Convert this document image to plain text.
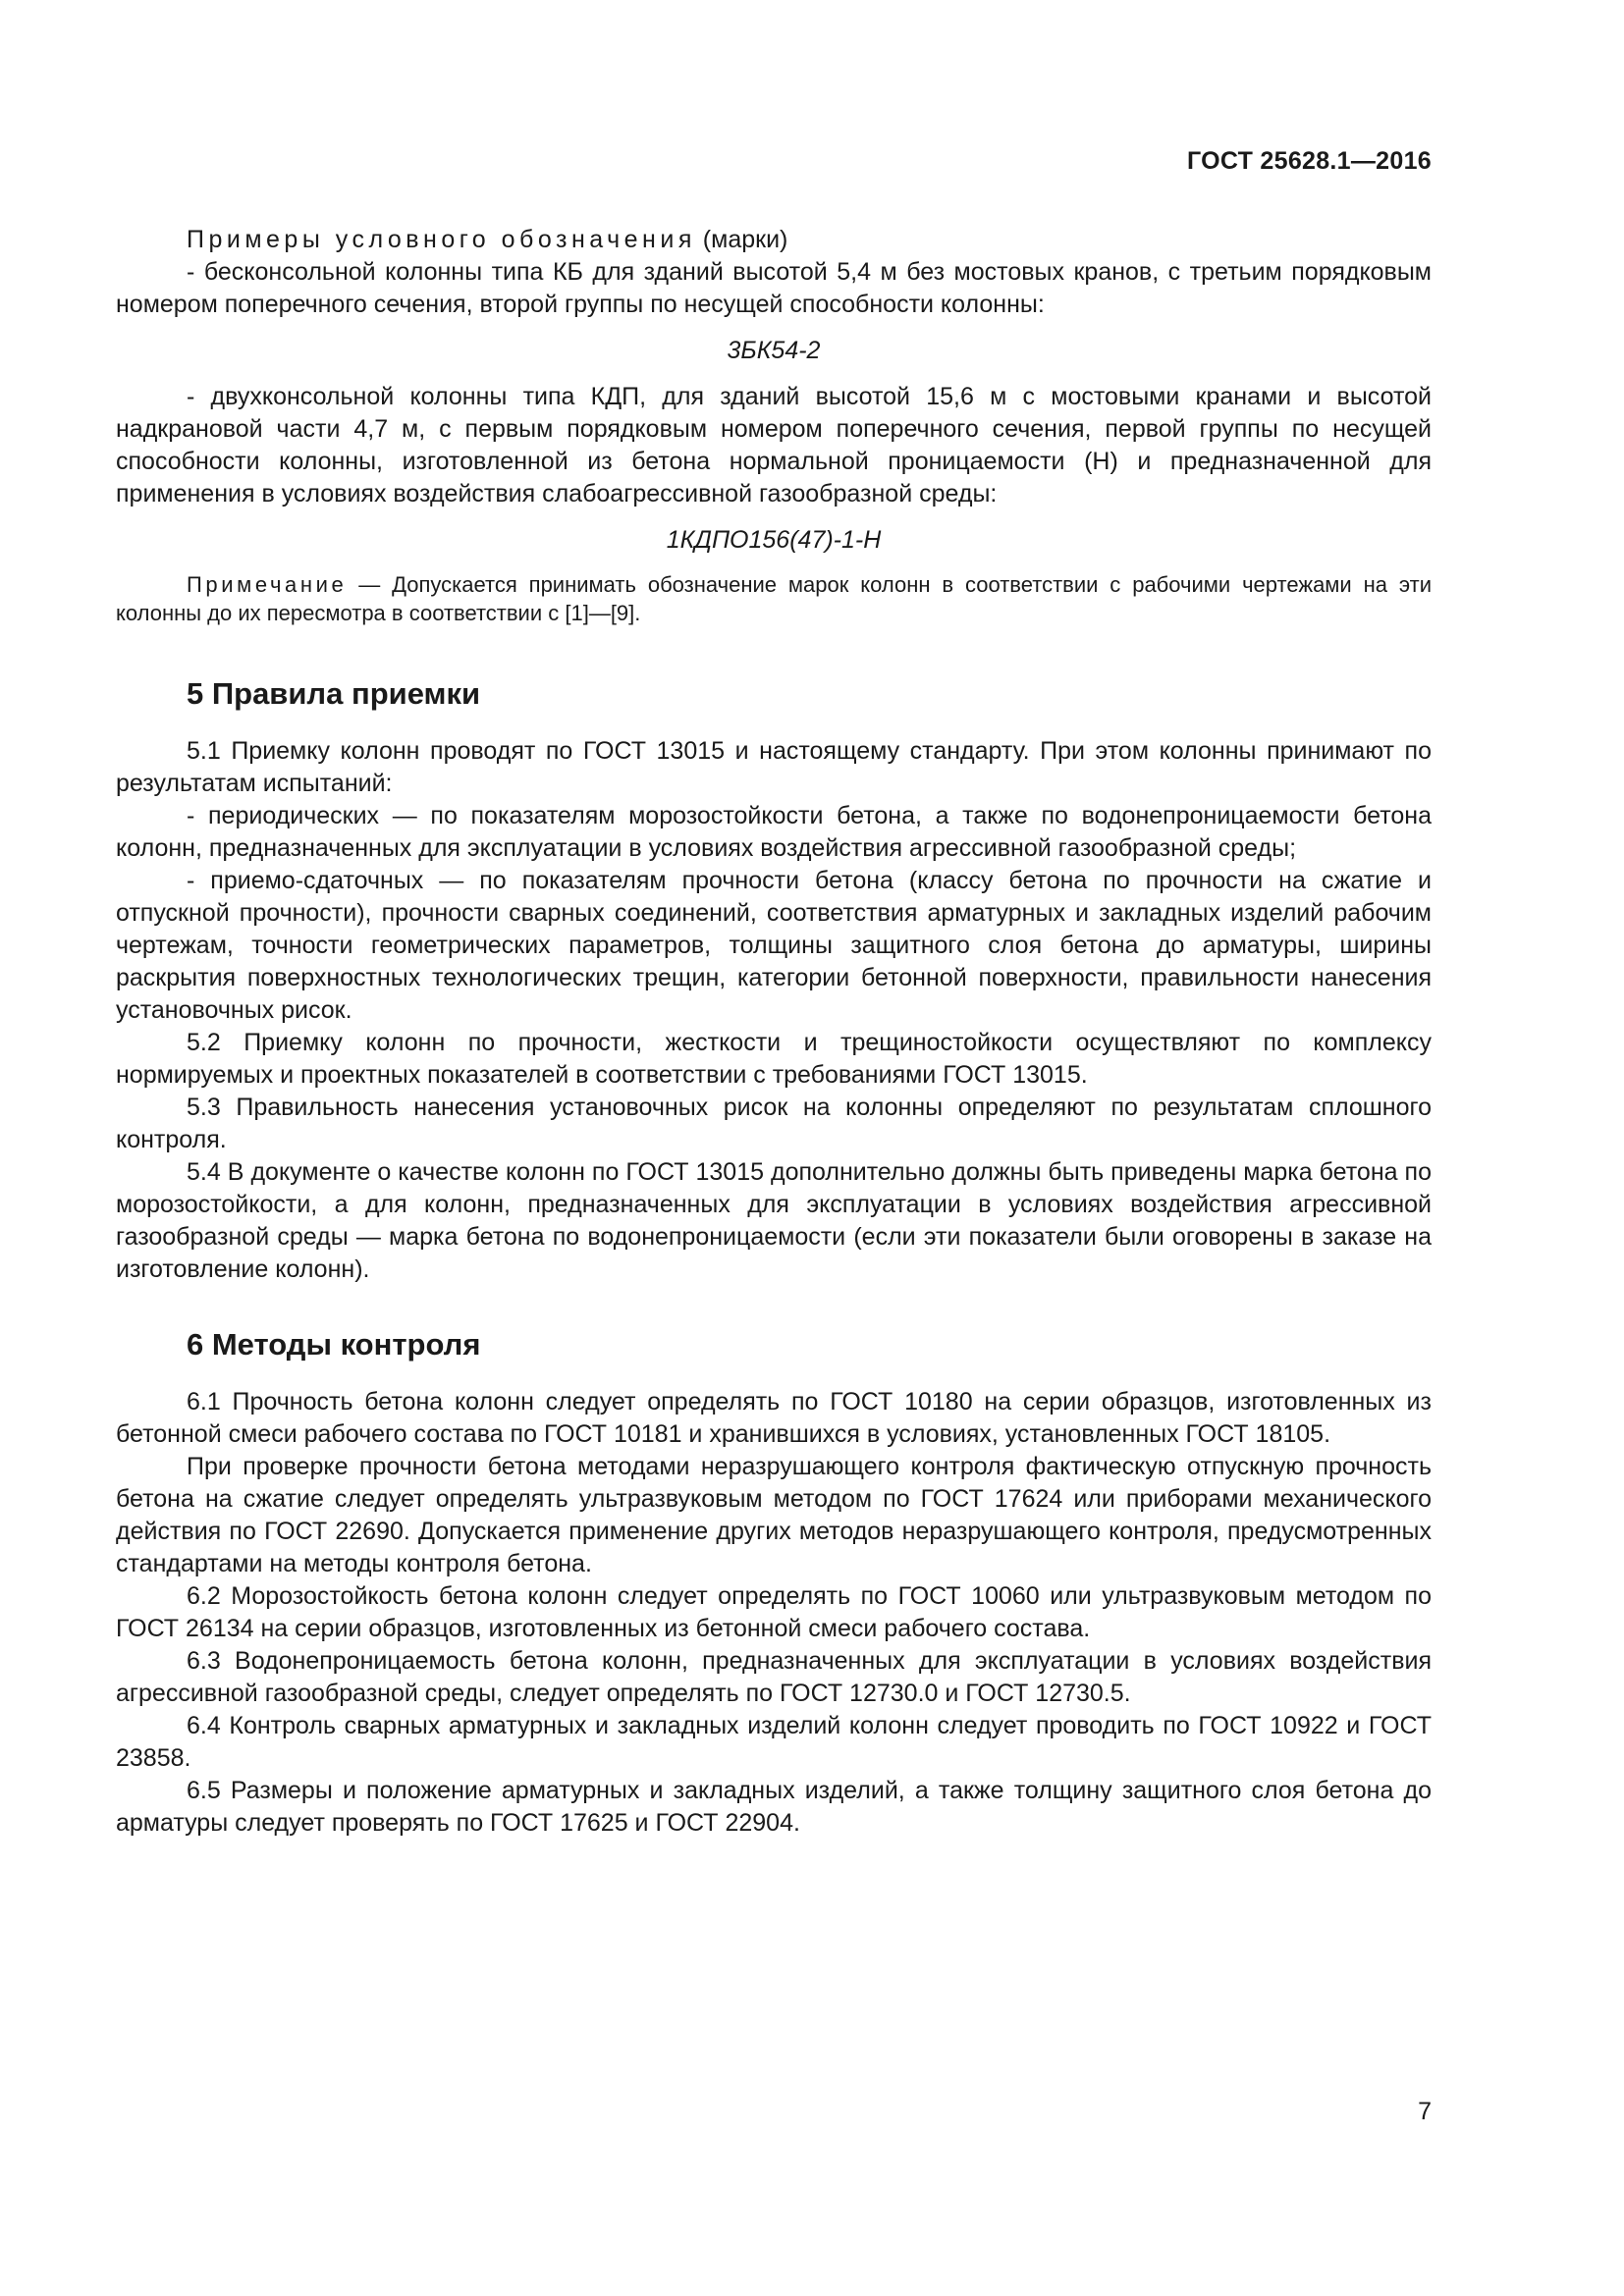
ГОСТ 25628.1—2016

Примеры условного обозначения (марки)

- бесконсольной колонны типа КБ для зданий высотой 5,4 м без мостовых кранов, с третьим порядковым номером поперечного сечения, второй группы по несущей способности колонны:

3БК54-2

- двухконсольной колонны типа КДП, для зданий высотой 15,6 м с мостовыми кранами и высотой надкрановой части 4,7 м, с первым порядковым номером поперечного сечения, первой группы по несущей способности колонны, изготовленной из бетона нормальной проницаемости (Н) и предназначенной для применения в условиях воздействия слабоагрессивной газообразной среды:

1КДПО156(47)-1-Н

Примечание — Допускается принимать обозначение марок колонн в соответствии с рабочими чертежами на эти колонны до их пересмотра в соответствии с [1]—[9].

5 Правила приемки

5.1 Приемку колонн проводят по ГОСТ 13015 и настоящему стандарту. При этом колонны принимают по результатам испытаний:

- периодических — по показателям морозостойкости бетона, а также по водонепроницаемости бетона колонн, предназначенных для эксплуатации в условиях воздействия агрессивной газообразной среды;

- приемо-сдаточных — по показателям прочности бетона (классу бетона по прочности на сжатие и отпускной прочности), прочности сварных соединений, соответствия арматурных и закладных изделий рабочим чертежам, точности геометрических параметров, толщины защитного слоя бетона до арматуры, ширины раскрытия поверхностных технологических трещин, категории бетонной поверхности, правильности нанесения установочных рисок.

5.2 Приемку колонн по прочности, жесткости и трещиностойкости осуществляют по комплексу нормируемых и проектных показателей в соответствии с требованиями ГОСТ 13015.

5.3 Правильность нанесения установочных рисок на колонны определяют по результатам сплошного контроля.

5.4 В документе о качестве колонн по ГОСТ 13015 дополнительно должны быть приведены марка бетона по морозостойкости, а для колонн, предназначенных для эксплуатации в условиях воздействия агрессивной газообразной среды — марка бетона по водонепроницаемости (если эти показатели были оговорены в заказе на изготовление колонн).

6 Методы контроля

6.1 Прочность бетона колонн следует определять по ГОСТ 10180 на серии образцов, изготовленных из бетонной смеси рабочего состава по ГОСТ 10181 и хранившихся в условиях, установленных ГОСТ 18105.

При проверке прочности бетона методами неразрушающего контроля фактическую отпускную прочность бетона на сжатие следует определять ультразвуковым методом по ГОСТ 17624 или приборами механического действия по ГОСТ 22690. Допускается применение других методов неразрушающего контроля, предусмотренных стандартами на методы контроля бетона.

6.2 Морозостойкость бетона колонн следует определять по ГОСТ 10060 или ультразвуковым методом по ГОСТ 26134 на серии образцов, изготовленных из бетонной смеси рабочего состава.

6.3 Водонепроницаемость бетона колонн, предназначенных для эксплуатации в условиях воздействия агрессивной газообразной среды, следует определять по ГОСТ 12730.0 и ГОСТ 12730.5.

6.4 Контроль сварных арматурных и закладных изделий колонн следует проводить по ГОСТ 10922 и ГОСТ 23858.

6.5 Размеры и положение арматурных и закладных изделий, а также толщину защитного слоя бетона до арматуры следует проверять по ГОСТ 17625 и ГОСТ 22904.

7
